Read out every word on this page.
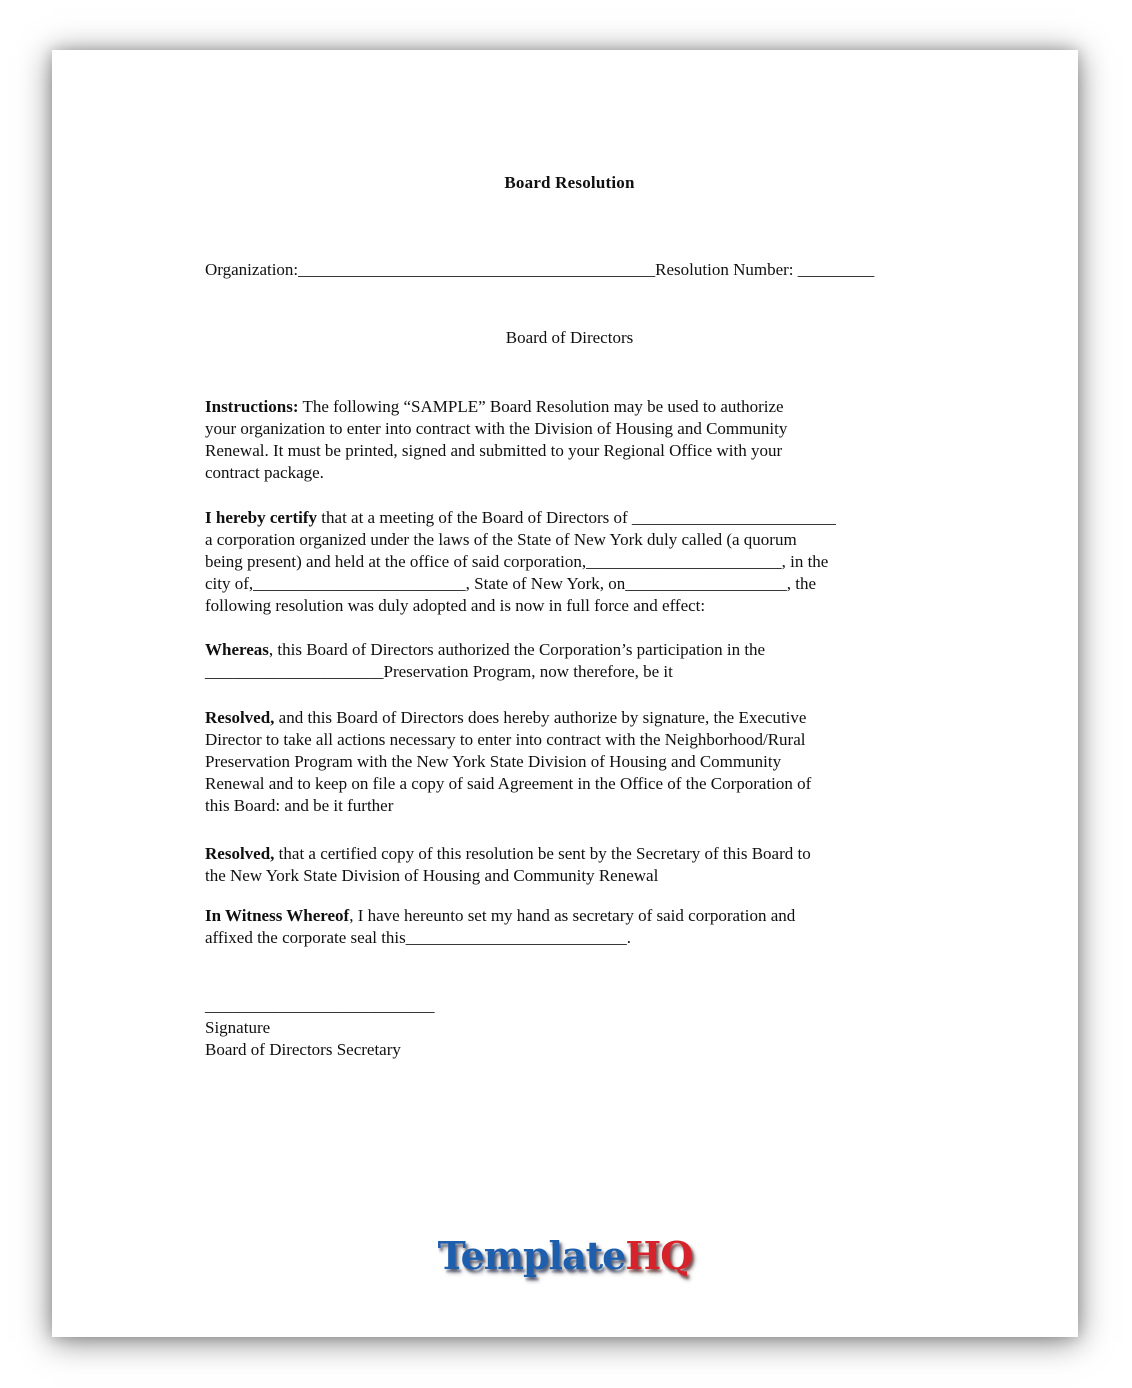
Board Resolution
Organization:__________________________________________Resolution Number: _________
Board of Directors
Instructions: The following “SAMPLE” Board Resolution may be used to authorize
your organization to enter into contract with the Division of Housing and Community
Renewal. It must be printed, signed and submitted to your Regional Office with your
contract package.
I hereby certify that at a meeting of the Board of Directors of ________________________
a corporation organized under the laws of the State of New York duly called (a quorum
being present) and held at the office of said corporation,_______________________, in the
city of,_________________________, State of New York, on___________________, the
following resolution was duly adopted and is now in full force and effect:
Whereas, this Board of Directors authorized the Corporation’s participation in the
_____________________Preservation Program, now therefore, be it
Resolved, and this Board of Directors does hereby authorize by signature, the Executive
Director to take all actions necessary to enter into contract with the Neighborhood/Rural
Preservation Program with the New York State Division of Housing and Community
Renewal and to keep on file a copy of said Agreement in the Office of the Corporation of
this Board: and be it further
Resolved, that a certified copy of this resolution be sent by the Secretary of this Board to
the New York State Division of Housing and Community Renewal
In Witness Whereof, I have hereunto set my hand as secretary of said corporation and
affixed the corporate seal this__________________________.
___________________________
Signature
Board of Directors Secretary
TemplateHQ
